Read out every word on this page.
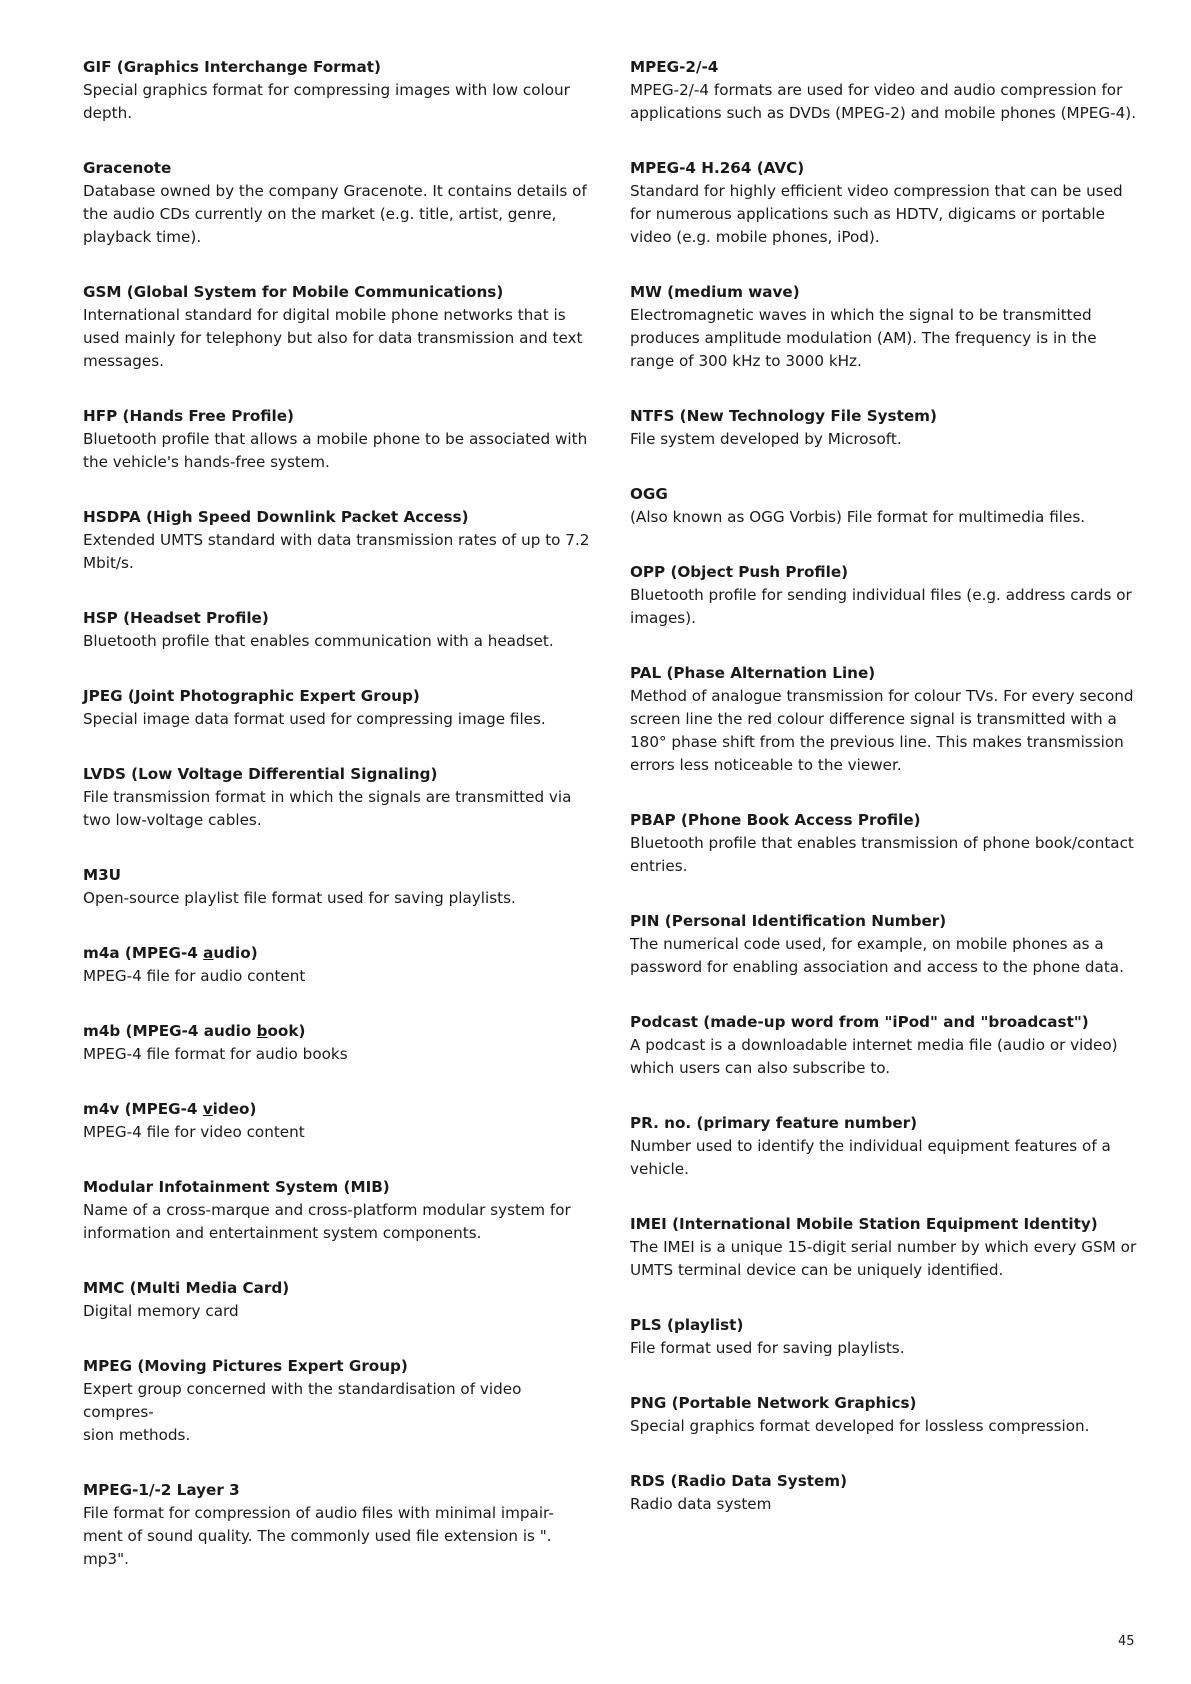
GIF (Graphics Interchange Format)

Special graphics format for compressing images with low colour depth.

Gracenote

Database owned by the company Gracenote. It contains details of the audio CDs currently on the market (e.g. title, artist, genre, playback time).

GSM (Global System for Mobile Communications)

International standard for digital mobile phone networks that is used mainly for telephony but also for data transmission and text messages.

HFP (Hands Free Profile)

Bluetooth profile that allows a mobile phone to be associated with the vehicle's hands-free system.

HSDPA (High Speed Downlink Packet Access)

Extended UMTS standard with data transmission rates of up to 7.2 Mbit/s.

HSP (Headset Profile)

Bluetooth profile that enables communication with a headset.

JPEG (Joint Photographic Expert Group)

Special image data format used for compressing image files.

LVDS (Low Voltage Differential Signaling)

File transmission format in which the signals are transmitted via two low-voltage cables.

M3U

Open-source playlist file format used for saving playlists.

m4a (MPEG-4 audio)

MPEG-4 file for audio content

m4b (MPEG-4 audio book)

MPEG-4 file format for audio books

m4v (MPEG-4 video)

MPEG-4 file for video content

Modular Infotainment System (MIB)

Name of a cross-marque and cross-platform modular system for information and entertainment system components.

MMC (Multi Media Card)

Digital memory card

MPEG (Moving Pictures Expert Group)

Expert group concerned with the standardisation of video compres-

sion methods.

MPEG-1/-2 Layer 3

File format for compression of audio files with minimal impair-

ment of sound quality. The commonly used file extension is ".

mp3".

MPEG-2/-4

MPEG-2/-4 formats are used for video and audio compression for applications such as DVDs (MPEG-2) and mobile phones (MPEG-4).

MPEG-4 H.264 (AVC)

Standard for highly efficient video compression that can be used for numerous applications such as HDTV, digicams or portable video (e.g. mobile phones, iPod).

MW (medium wave)

Electromagnetic waves in which the signal to be transmitted produces amplitude modulation (AM). The frequency is in the range of 300 kHz to 3000 kHz.

NTFS (New Technology File System)

File system developed by Microsoft.

OGG

(Also known as OGG Vorbis) File format for multimedia files.

OPP (Object Push Profile)

Bluetooth profile for sending individual files (e.g. address cards or images).

PAL (Phase Alternation Line)

Method of analogue transmission for colour TVs. For every second screen line the red colour difference signal is transmitted with a 180° phase shift from the previous line. This makes transmission errors less noticeable to the viewer.

PBAP (Phone Book Access Profile)

Bluetooth profile that enables transmission of phone book/contact entries.

PIN (Personal Identification Number)

The numerical code used, for example, on mobile phones as a password for enabling association and access to the phone data.

Podcast (made-up word from "iPod" and "broadcast")

A podcast is a downloadable internet media file (audio or video) which users can also subscribe to.

PR. no. (primary feature number)

Number used to identify the individual equipment features of a vehicle.

IMEI (International Mobile Station Equipment Identity)

The IMEI is a unique 15-digit serial number by which every GSM or UMTS terminal device can be uniquely identified.

PLS (playlist)

File format used for saving playlists.

PNG (Portable Network Graphics)

Special graphics format developed for lossless compression.

RDS (Radio Data System)

Radio data system

45
